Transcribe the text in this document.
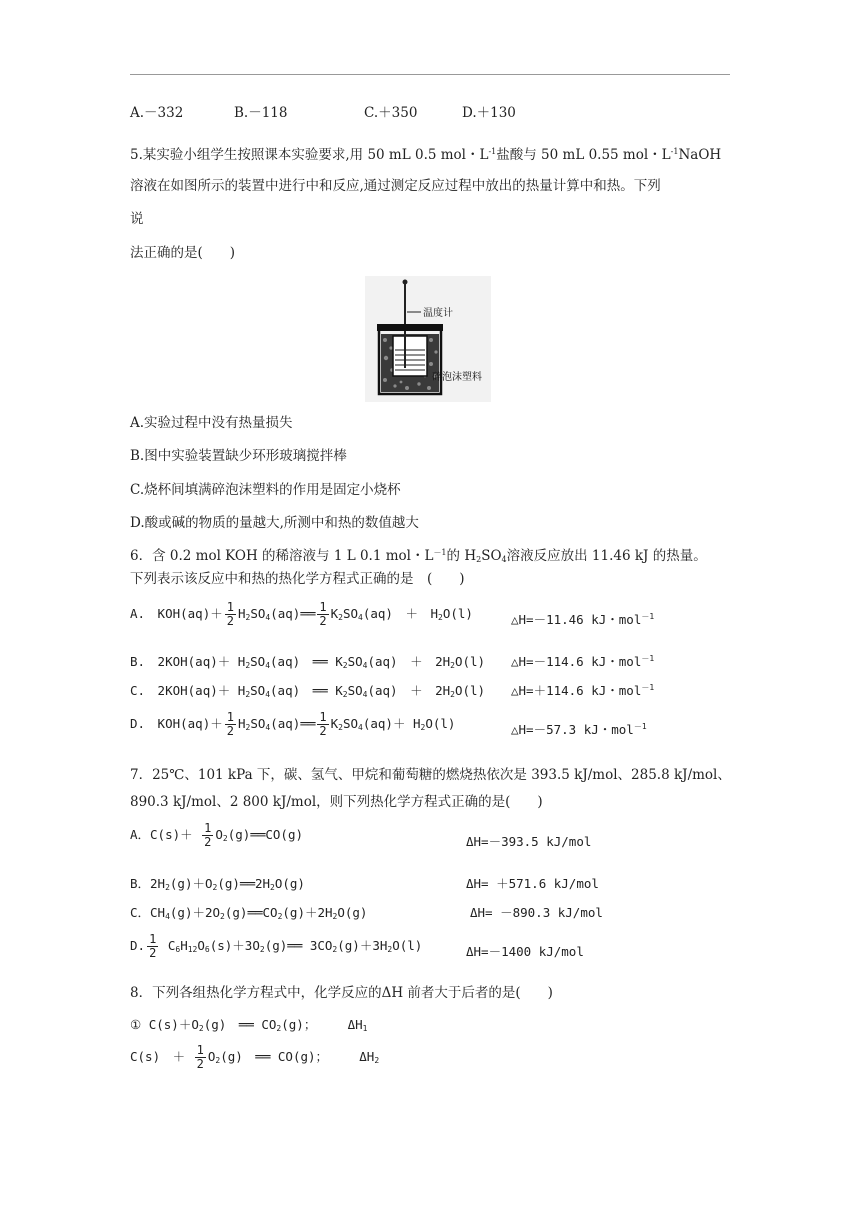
A.－332	B.－118	C.＋350	D.＋130
5.某实验小组学生按照课本实验要求,用 50 mL 0.5 mol・$L^{-1}$盐酸与 50 mL 0.55 mol・$L^{-1}NaOH$
溶液在如图所示的装置中进行中和反应,通过测定反应过程中放出的热量计算中和热。下列
说
法正确的是(　　)
温度计
碎泡沫塑料
A.实验过程中没有热量损失
B.图中实验装置缺少环形玻璃搅拌棒
C.烧杯间填满碎泡沫塑料的作用是固定小烧杯
D.酸或碱的物质的量越大,所测中和热的数值越大
6．含 0.2 mol KOH 的稀溶液与 1 L 0.1 mol・$L^{-1}$的 $H_2SO_4$溶液反应放出 11.46 kJ 的热量。
下列表示该反应中和热的热化学方程式正确的是　(　　)
A.　$KOH(aq)+ \frac{1}{2}$ $H_2SO_4(aq)══ \frac{1}{2} K_2SO_4(aq)$　＋　$H_2O(l)$	△H=－11.46 kJ・mol$^{-1}$
B.　$2KOH(aq)+ H_2SO_4(aq)$　══ $K_2SO_4(aq)$　＋　$2H_2O(l)$ △H=－114.6 kJ・mol$^{-1}$
C.　$2KOH(aq)+ H_2SO_4(aq)$　══ $K_2SO_4(aq)$　＋　$2H_2O(l)$ △H=＋114.6 kJ・mol$^{-1}$
D.　$KOH(aq)+ \frac{1}{2}$ $H_2SO_4(aq)══ \frac{1}{2} K_2SO_4(aq)+ H_2O(l)$	△H=－57.3 kJ・mol$^{-1}$
7．25℃、101 kPa 下，碳、氢气、甲烷和葡萄糖的燃烧热依次是 393.5 kJ/mol、285.8 kJ/mol、
890.3 kJ/mol、2 800 kJ/mol，则下列热化学方程式正确的是(　　)
A．$C(s)+ \frac{1}{2}$ $O_2(g)══CO(g)$	ΔH=－393.5 kJ/mol
B．$2H_2(g)+O_2(g)══2H_2O(g)$	ΔH= ＋571.6 kJ/mol
C．$CH_4(g)+2O_2(g)══CO_2(g)+2H_2O(g)$	ΔH= －890.3 kJ/mol
D. $\frac{1}{2}$ $C_6H_{12}O_6(s)+3O_2(g)══$ $3CO_2(g)+3H_2O(l)$	ΔH=－1400 kJ/mol
8．下列各组热化学方程式中，化学反应的ΔH 前者大于后者的是(　　)
① $C(s)+O_2(g)$　══ $CO_2(g)$；　　　$\Delta H_1$
C(s)　＋ $\frac{1}{2} O_2(g)$　══ CO(g)；　　　$\Delta H_2$
